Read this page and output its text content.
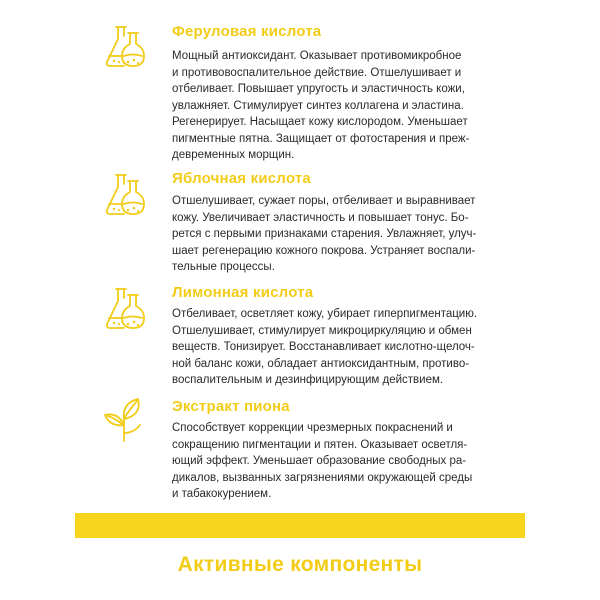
Феруловая кислота

Мощный антиоксидант. Оказывает противомикробное
и противовоспалительное действие. Отшелушивает и
отбеливает. Повышает упругость и эластичность кожи,
увлажняет. Стимулирует синтез коллагена и эластина.
Регенерирует. Насыщает кожу кислородом. Уменьшает
пигментные пятна. Защищает от фотостарения и преж-
девременных морщин.

Яблочная кислота

Отшелушивает, сужает поры, отбеливает и выравнивает
кожу. Увеличивает эластичность и повышает тонус. Бо-
рется с первыми признаками старения. Увлажняет, улуч-
шает регенерацию кожного покрова. Устраняет воспали-
тельные процессы.

Лимонная кислота

Отбеливает, осветляет кожу, убирает гиперпигментацию.
Отшелушивает, стимулирует микроциркуляцию и обмен
веществ. Тонизирует. Восстанавливает кислотно-щелоч-
ной баланс кожи, обладает антиоксидантным, противо-
воспалительным и дезинфицирующим действием.

Экстракт пиона

Способствует коррекции чрезмерных покраснений и
сокращению пигментации и пятен. Оказывает осветля-
ющий эффект. Уменьшает образование свободных ра-
дикалов, вызванных загрязнениями окружающей среды
и табакокурением.

Активные компоненты
